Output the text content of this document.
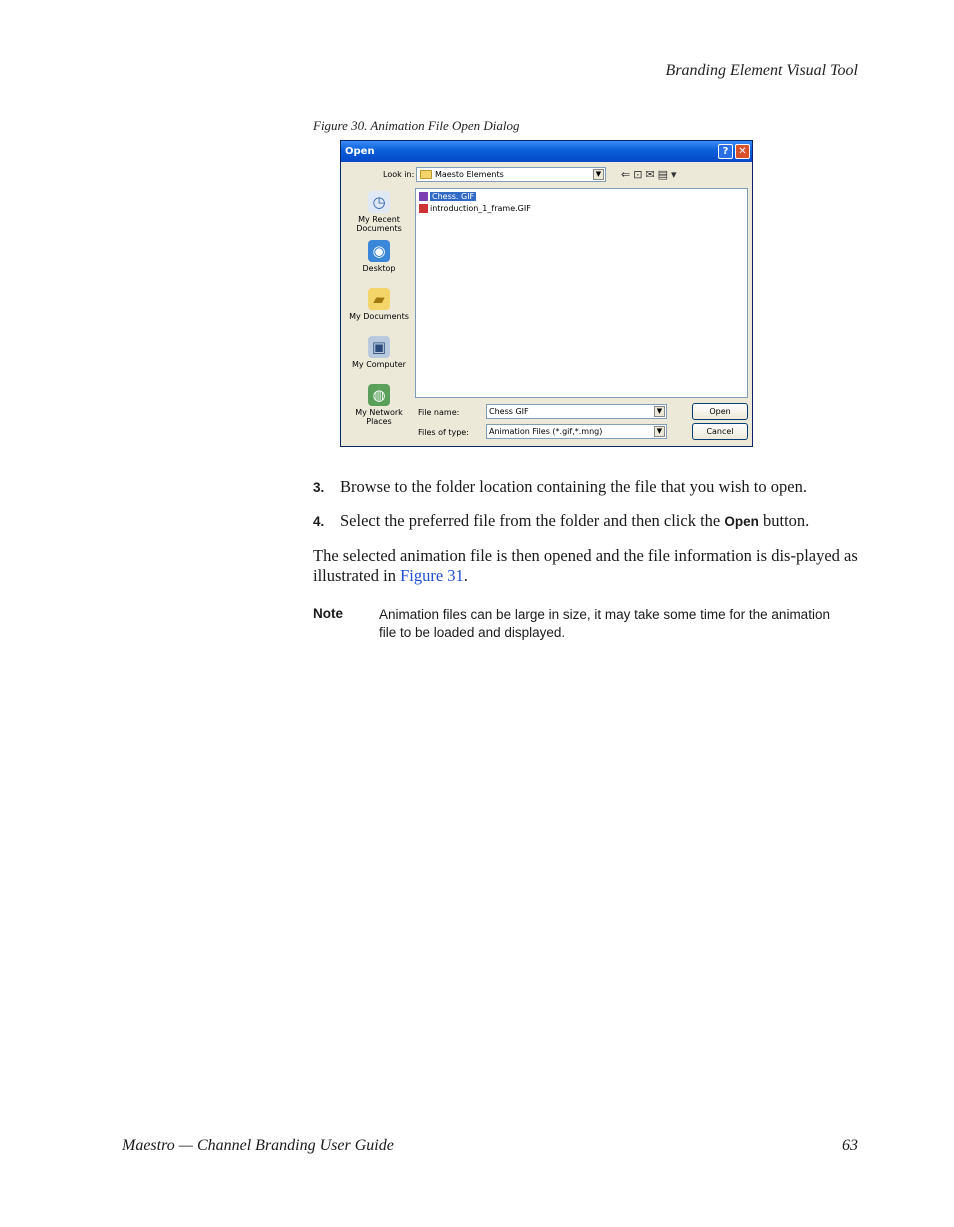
Branding Element Visual Tool
Figure 30. Animation File Open Dialog
Open	? ✕
Look in:	Maesto Elements	▼ ⇐⊡✉▤▾
◷
My Recent Documents
◉
Desktop
▰
My Documents
▣
My Computer
◍
My Network Places
Chess. GIF
introduction_1_frame.GIF
File name:	Chess GIF	▼	Open
Files of type:	Animation Files (*.gif,*.mng)	▼	Cancel
3. Browse to the folder location containing the file that you wish to open.
4. Select the preferred file from the folder and then click the Open button.
The selected animation file is then opened and the file information is dis-played as illustrated in Figure 31.
Note	Animation files can be large in size, it may take some time for the animation file to be loaded and displayed.
Maestro — Channel Branding User Guide	63
